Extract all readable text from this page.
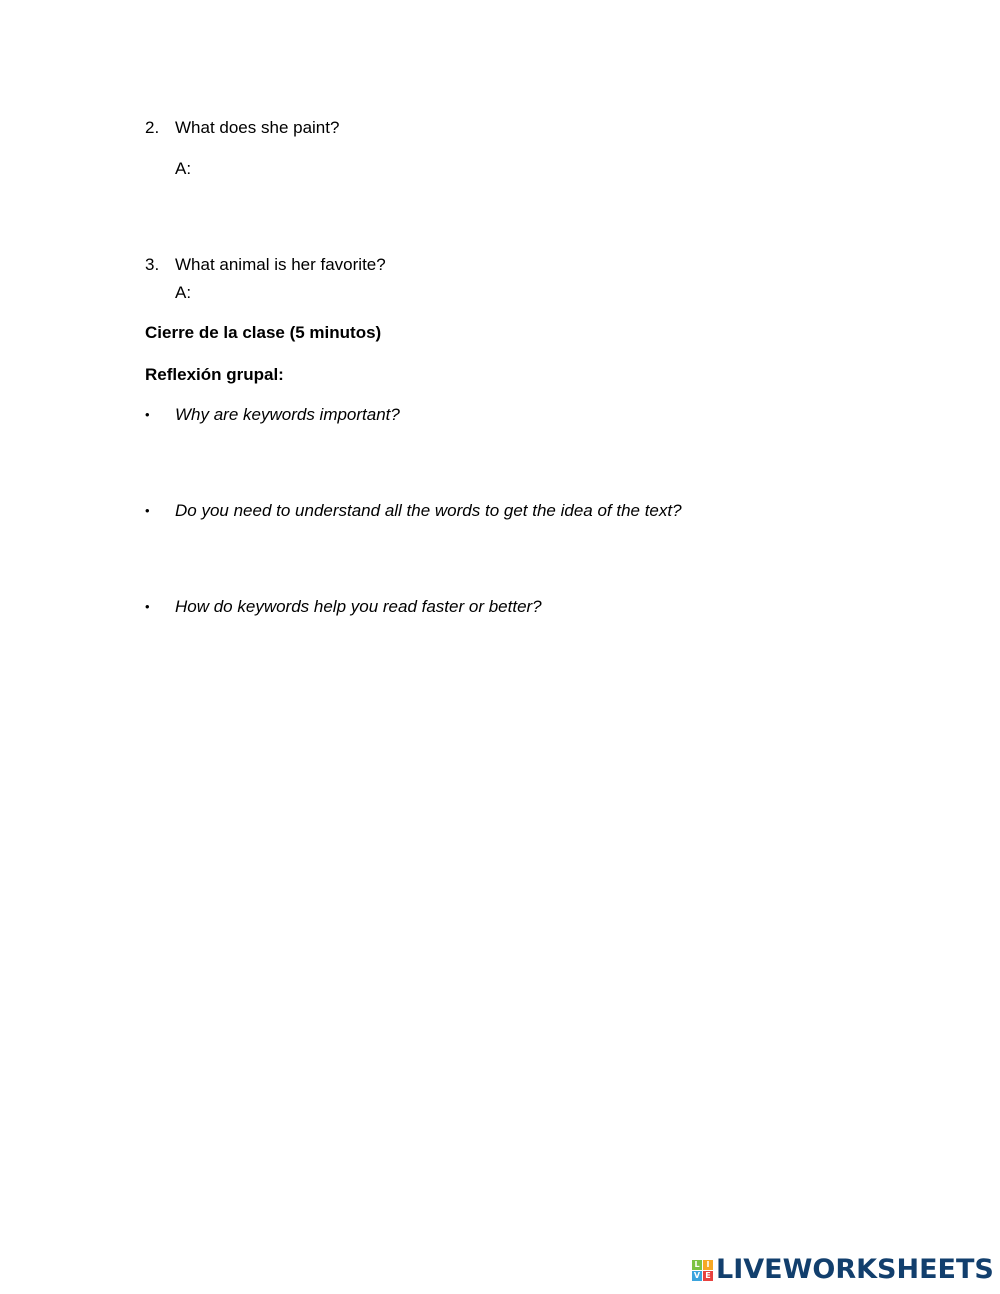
2. What does she paint?
A:
3. What animal is her favorite?
A:
Cierre de la clase (5 minutos)
Reflexión grupal:
• Why are keywords important?
• Do you need to understand all the words to get the idea of the text?
• How do keywords help you read faster or better?
L I
V E LIVEWORKSHEETS
